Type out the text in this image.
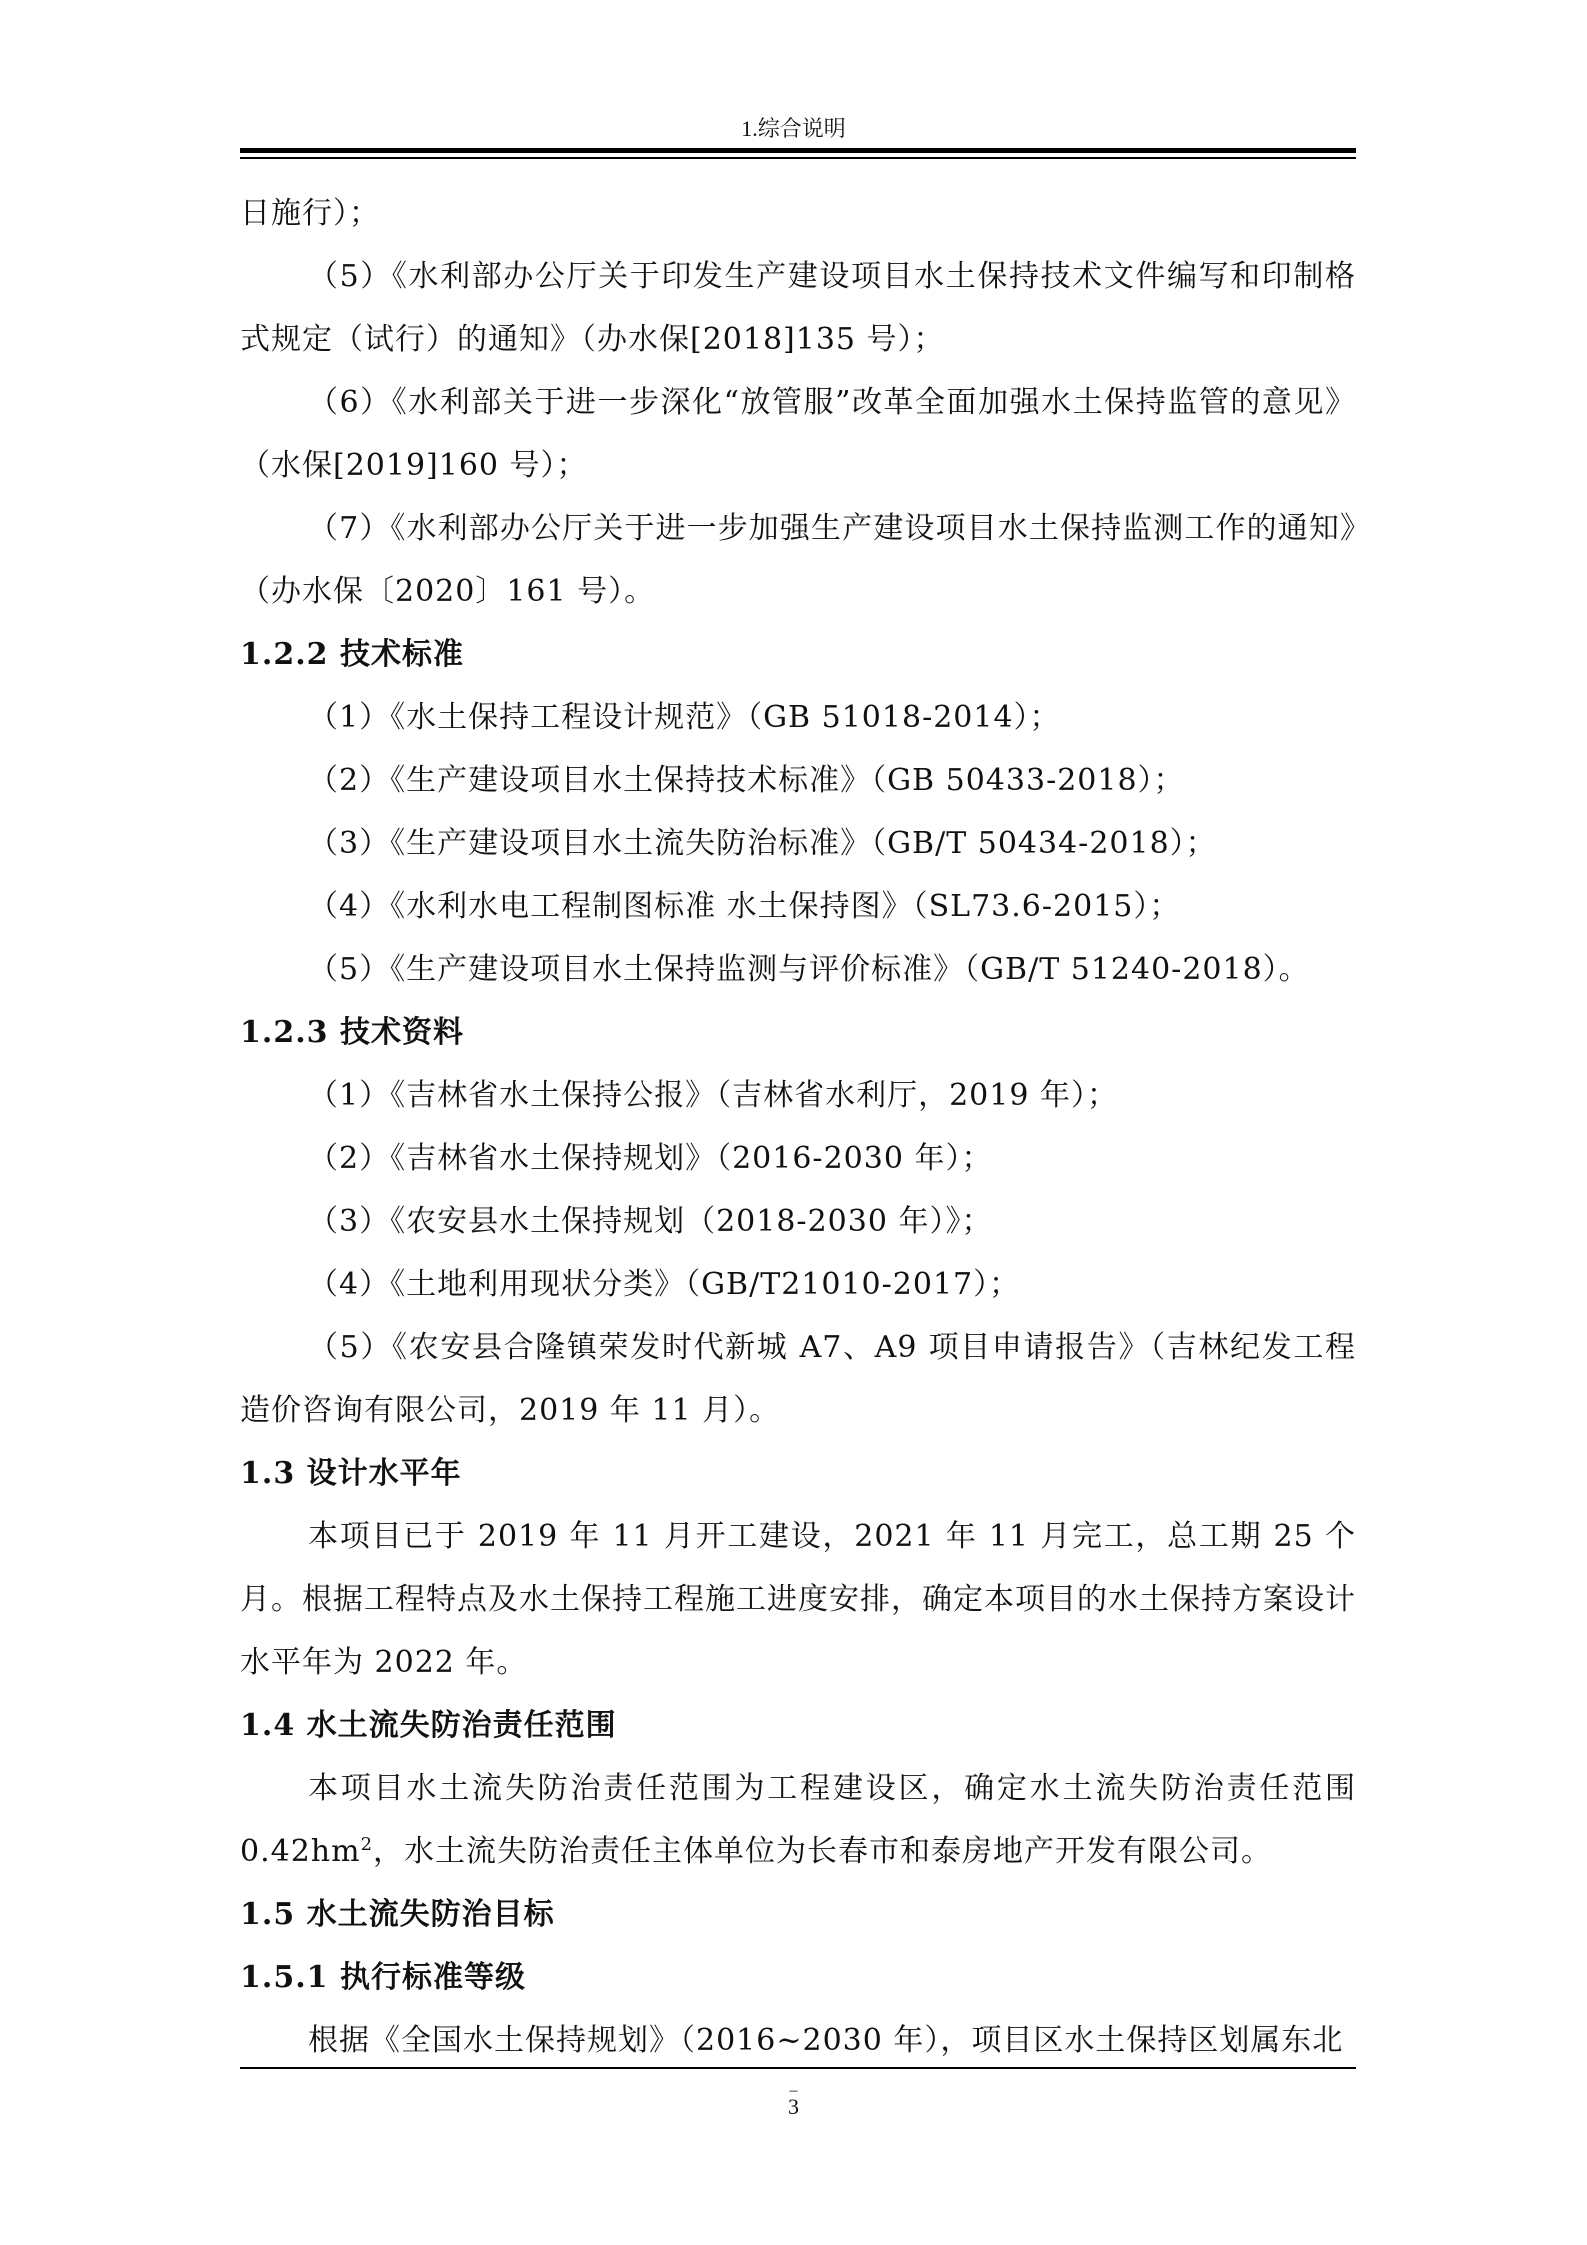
1.综合说明

日施行）；

（5）《水利部办公厅关于印发生产建设项目水土保持技术文件编写和印制格式规定（试行）的通知》（办水保[2018]135 号）；

（6）《水利部关于进一步深化“放管服”改革全面加强水土保持监管的意见》（水保[2019]160 号）；

（7）《水利部办公厅关于进一步加强生产建设项目水土保持监测工作的通知》（办水保〔2020〕161 号）。

1.2.2 技术标准

（1）《水土保持工程设计规范》（GB 51018-2014）；

（2）《生产建设项目水土保持技术标准》（GB 50433-2018）；

（3）《生产建设项目水土流失防治标准》（GB/T 50434-2018）；

（4）《水利水电工程制图标准 水土保持图》（SL73.6-2015）；

（5）《生产建设项目水土保持监测与评价标准》（GB/T 51240-2018）。

1.2.3 技术资料

（1）《吉林省水土保持公报》（吉林省水利厅，2019 年）；

（2）《吉林省水土保持规划》（2016-2030 年）；

（3）《农安县水土保持规划（2018-2030 年）》；

（4）《土地利用现状分类》（GB/T21010-2017）；

（5）《农安县合隆镇荣发时代新城 A7、A9 项目申请报告》（吉林纪发工程造价咨询有限公司，2019 年 11 月）。

1.3 设计水平年

本项目已于 2019 年 11 月开工建设，2021 年 11 月完工，总工期 25 个月。根据工程特点及水土保持工程施工进度安排，确定本项目的水土保持方案设计水平年为 2022 年。

1.4 水土流失防治责任范围

本项目水土流失防治责任范围为工程建设区，确定水土流失防治责任范围 $0.42hm^2$，水土流失防治责任主体单位为长春市和泰房地产开发有限公司。

1.5 水土流失防治目标

1.5.1 执行标准等级

根据《全国水土保持规划》（2016~2030 年），项目区水土保持区划属东北

–
3
